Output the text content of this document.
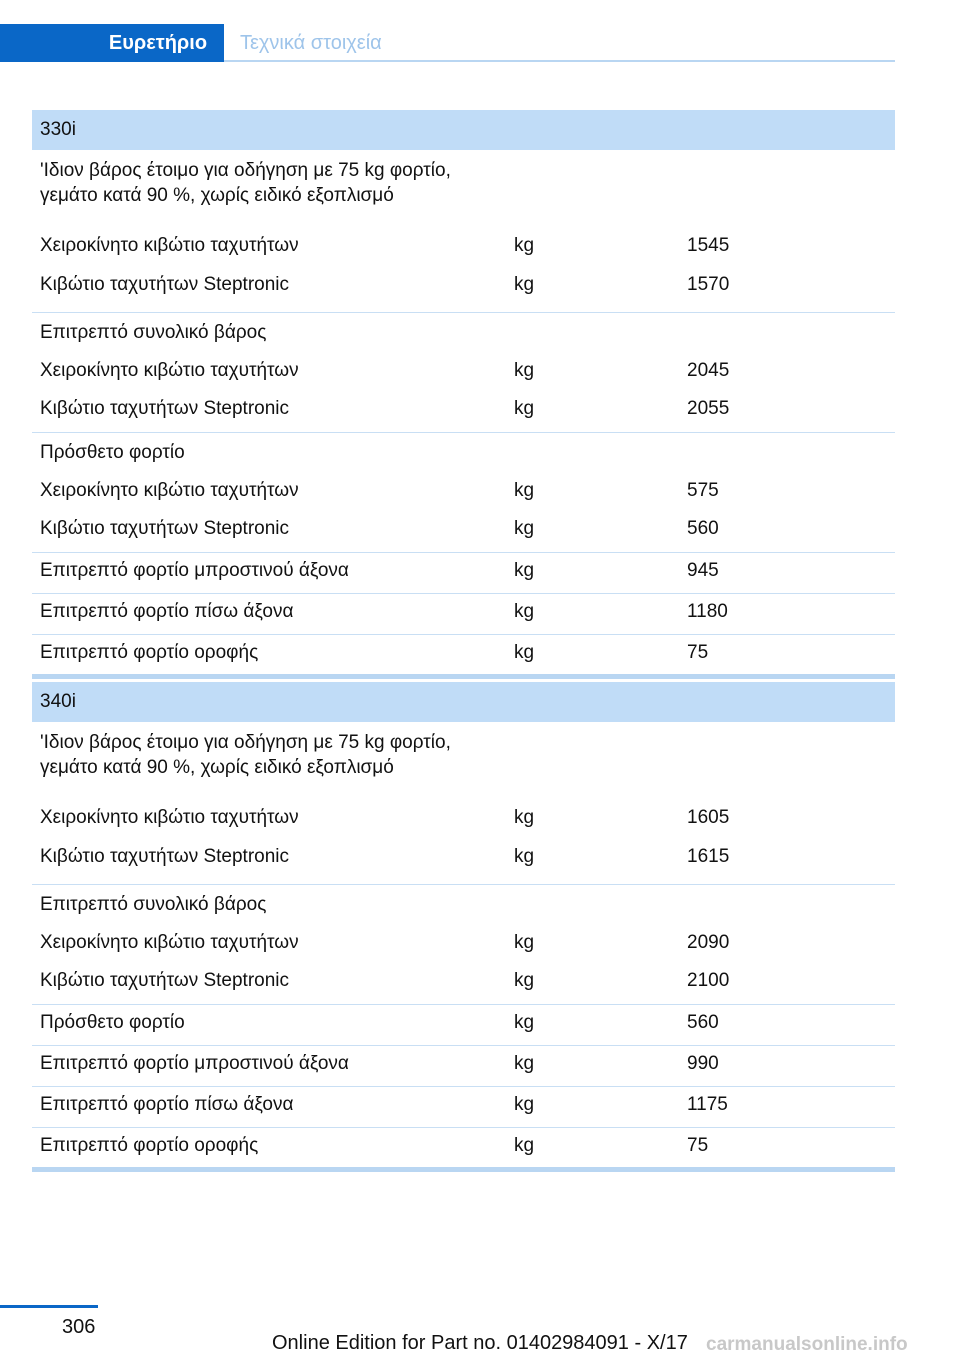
Ευρετήριο	Τεχνικά στοιχεία
330i
'Ιδιον βάρος έτοιμο για οδήγηση με 75 kg φορτίο,
γεμάτο κατά 90 %, χωρίς ειδικό εξοπλισμό
Χειροκίνητο κιβώτιο ταχυτήτων	kg	1545
Κιβώτιο ταχυτήτων Steptronic	kg	1570
Επιτρεπτό συνολικό βάρος
Χειροκίνητο κιβώτιο ταχυτήτων	kg	2045
Κιβώτιο ταχυτήτων Steptronic	kg	2055
Πρόσθετο φορτίο
Χειροκίνητο κιβώτιο ταχυτήτων	kg	575
Κιβώτιο ταχυτήτων Steptronic	kg	560
Επιτρεπτό φορτίο μπροστινού άξονα	kg	945
Επιτρεπτό φορτίο πίσω άξονα	kg	1180
Επιτρεπτό φορτίο οροφής	kg	75
340i
'Ιδιον βάρος έτοιμο για οδήγηση με 75 kg φορτίο,
γεμάτο κατά 90 %, χωρίς ειδικό εξοπλισμό
Χειροκίνητο κιβώτιο ταχυτήτων	kg	1605
Κιβώτιο ταχυτήτων Steptronic	kg	1615
Επιτρεπτό συνολικό βάρος
Χειροκίνητο κιβώτιο ταχυτήτων	kg	2090
Κιβώτιο ταχυτήτων Steptronic	kg	2100
Πρόσθετο φορτίο	kg	560
Επιτρεπτό φορτίο μπροστινού άξονα	kg	990
Επιτρεπτό φορτίο πίσω άξονα	kg	1175
Επιτρεπτό φορτίο οροφής	kg	75
306
Online Edition for Part no. 01402984091 - X/17 carmanualsonline.info
